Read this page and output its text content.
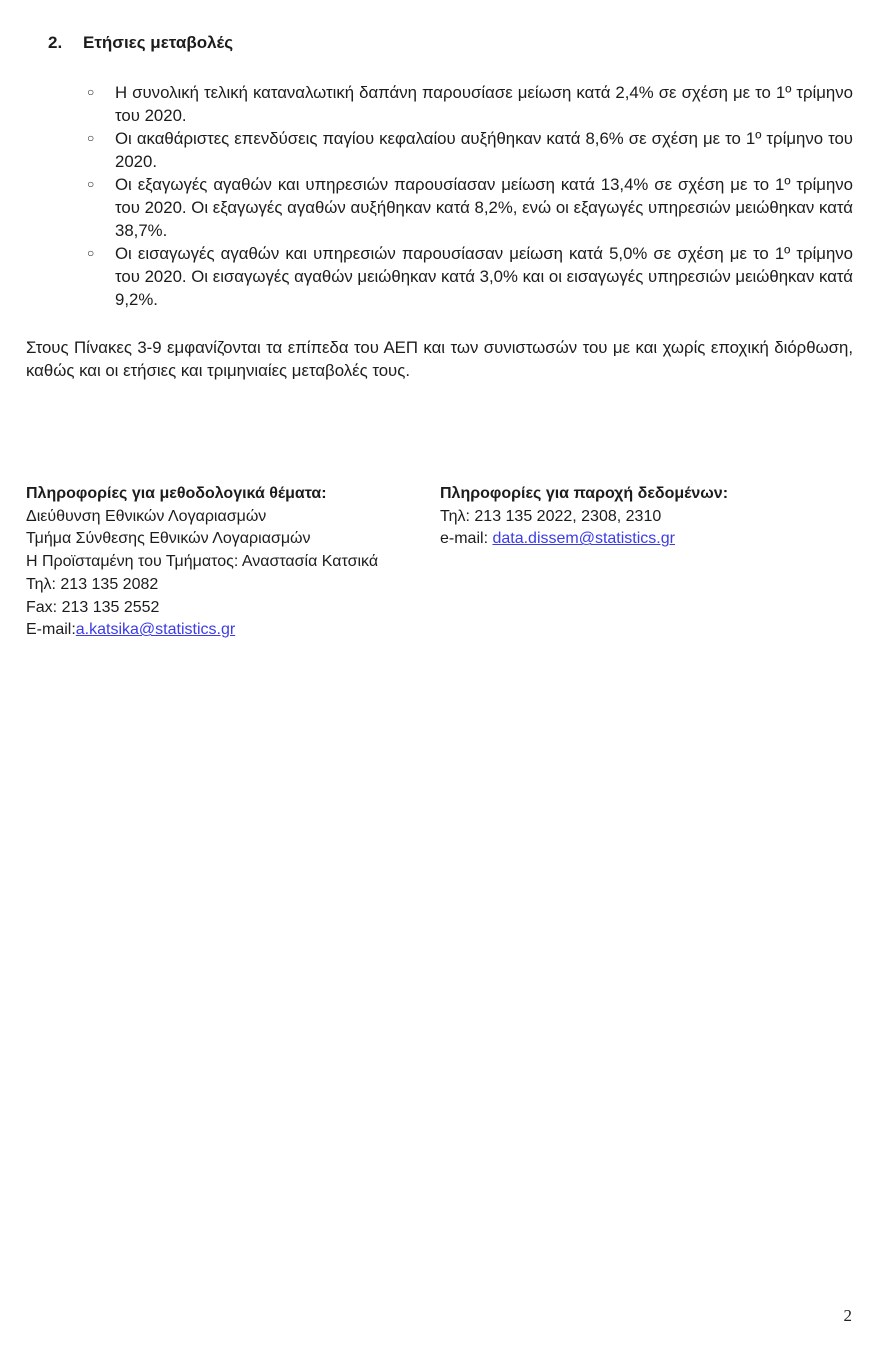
2.	Ετήσιες μεταβολές
○ Η συνολική τελική καταναλωτική δαπάνη παρουσίασε μείωση κατά 2,4% σε σχέση με το 1º τρίμηνο του 2020.
○ Οι ακαθάριστες επενδύσεις παγίου κεφαλαίου αυξήθηκαν κατά 8,6% σε σχέση με το 1º τρίμηνο του 2020.
○ Οι εξαγωγές αγαθών και υπηρεσιών παρουσίασαν μείωση κατά 13,4% σε σχέση με το 1º τρίμηνο του 2020. Οι εξαγωγές αγαθών αυξήθηκαν κατά 8,2%, ενώ οι εξαγωγές υπηρεσιών μειώθηκαν κατά 38,7%.
○ Οι εισαγωγές αγαθών και υπηρεσιών παρουσίασαν μείωση κατά 5,0% σε σχέση με το 1º τρίμηνο του 2020. Οι εισαγωγές αγαθών μειώθηκαν κατά 3,0% και οι εισαγωγές υπηρεσιών μειώθηκαν κατά 9,2%.

Στους Πίνακες 3-9 εμφανίζονται τα επίπεδα του ΑΕΠ και των συνιστωσών του με και χωρίς εποχική διόρθωση, καθώς και οι ετήσιες και τριμηνιαίες μεταβολές τους.

Πληροφορίες για μεθοδολογικά θέματα:
Διεύθυνση Εθνικών Λογαριασμών
Τμήμα Σύνθεσης Εθνικών Λογαριασμών
Η Προϊσταμένη του Τμήματος: Αναστασία Κατσικά
Τηλ: 213 135 2082
Fax: 213 135 2552
E-mail:a.katsika@statistics.gr
Πληροφορίες για παροχή δεδομένων:
Τηλ: 213 135 2022, 2308, 2310
e-mail: data.dissem@statistics.gr
2
